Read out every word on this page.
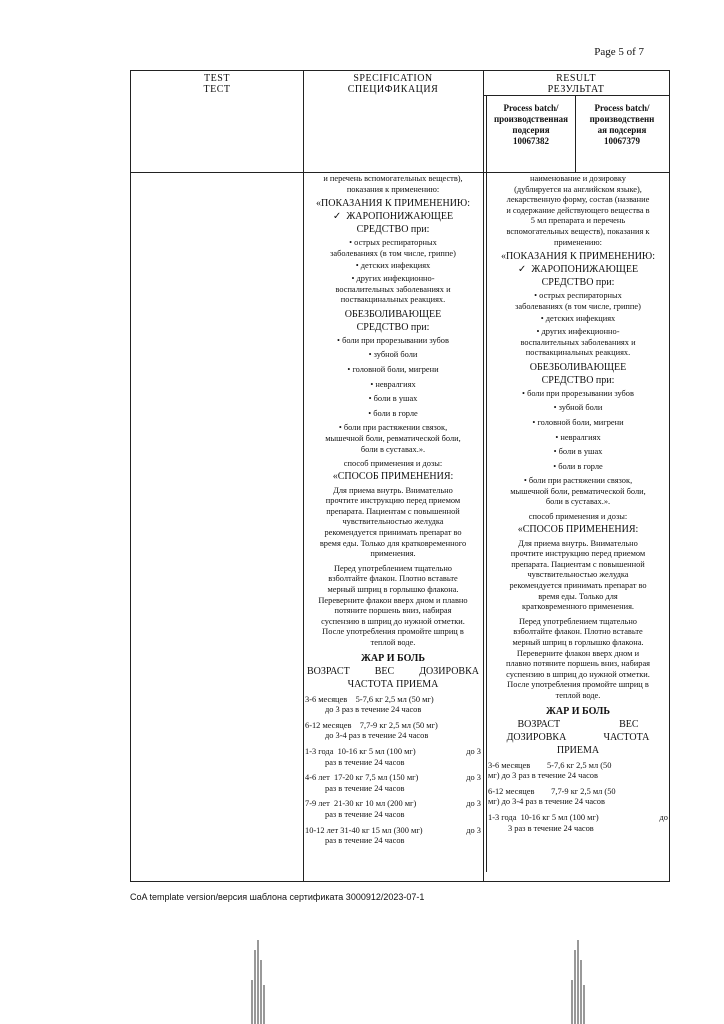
Page 5 of 7
TEST
ТЕСТ
SPECIFICATION
СПЕЦИФИКАЦИЯ
RESULT
РЕЗУЛЬТАТ
Process batch/
производственная
подсерия
10067382
Process batch/
производственн
ая подсерия
10067379
и перечень вспомогательных веществ),
показания к применению:
«ПОКАЗАНИЯ К ПРИМЕНЕНИЮ:
✓  ЖАРОПОНИЖАЮЩЕЕ
СРЕДСТВО при:
• острых респираторных
заболеваниях (в том числе, гриппе)
• детских инфекциях
• других инфекционно-
воспалительных заболеваниях и
поствакцинальных реакциях.
ОБЕЗБОЛИВАЮЩЕЕ
СРЕДСТВО при:
• боли при прорезывании зубов
• зубной боли
• головной боли, мигрени
• невралгиях
• боли в ушах
• боли в горле
• боли при растяжении связок,
мышечной боли, ревматической боли,
боли в суставах.».
способ применения и дозы:
«СПОСОБ ПРИМЕНЕНИЯ:
Для приема внутрь. Внимательно
прочтите инструкцию перед приемом
препарата. Пациентам с повышенной
чувствительностью желудка
рекомендуется принимать препарат во
время еды. Только для кратковременного
применения.
Перед употреблением тщательно
взболтайте флакон. Плотно вставьте
мерный шприц в горлышко флакона.
Переверните флакон вверх дном и плавно
потяните поршень вниз, набирая
суспензию в шприц до нужной отметки.
После употребления промойте шприц в
теплой воде.
ЖАР И БОЛЬ
ВОЗРАСТ	ВЕС	ДОЗИРОВКА
ЧАСТОТА ПРИЕМА
3-6 месяцев 5-7,6 кг 2,5 мл (50 мг)
до 3 раз в течение 24 часов
6-12 месяцев 7,7-9 кг 2,5 мл (50 мг)
до 3-4 раз в течение 24 часов
1-3 года 10-16 кг 5 мл (100 мг)	до 3
раз в течение 24 часов
4-6 лет 17-20 кг 7,5 мл (150 мг)	до 3
раз в течение 24 часов
7-9 лет 21-30 кг 10 мл (200 мг)	до 3
раз в течение 24 часов
10-12 лет 31-40 кг 15 мл (300 мг)	до 3
раз в течение 24 часов
наименование и дозировку
(дублируется на английском языке),
лекарственную форму, состав (название
и содержание действующего вещества в
5 мл препарата и перечень
вспомогательных веществ), показания к
применению:
«ПОКАЗАНИЯ К ПРИМЕНЕНИЮ:
✓  ЖАРОПОНИЖАЮЩЕЕ
СРЕДСТВО при:
• острых респираторных
заболеваниях (в том числе, гриппе)
• детских инфекциях
• других инфекционно-
воспалительных заболеваниях и
поствакцинальных реакциях.
ОБЕЗБОЛИВАЮЩЕЕ
СРЕДСТВО при:
• боли при прорезывании зубов
• зубной боли
• головной боли, мигрени
• невралгиях
• боли в ушах
• боли в горле
• боли при растяжении связок,
мышечной боли, ревматической боли,
боли в суставах.».
способ применения и дозы:
«СПОСОБ ПРИМЕНЕНИЯ:
Для приема внутрь. Внимательно
прочтите инструкцию перед приемом
препарата. Пациентам с повышенной
чувствительностью желудка
рекомендуется принимать препарат во
время еды. Только для
кратковременного применения.
Перед употреблением тщательно
взболтайте флакон. Плотно вставьте
мерный шприц в горлышко флакона.
Переверните флакон вверх дном и
плавно потяните поршень вниз, набирая
суспензию в шприц до нужной отметки.
После употребления промойте шприц в
теплой воде.
ЖАР И БОЛЬ
ВОЗРАСТ	ВЕС
ДОЗИРОВКА	ЧАСТОТА
ПРИЕМА
3-6 месяцев 5-7,6 кг 2,5 мл (50
мг) до 3 раз в течение 24 часов
6-12 месяцев 7,7-9 кг 2,5 мл (50
мг) до 3-4 раз в течение 24 часов
1-3 года 10-16 кг 5 мл (100 мг)	до
3 раз в течение 24 часов
CoA template version/версия шаблона сертификата 3000912/2023-07-1
